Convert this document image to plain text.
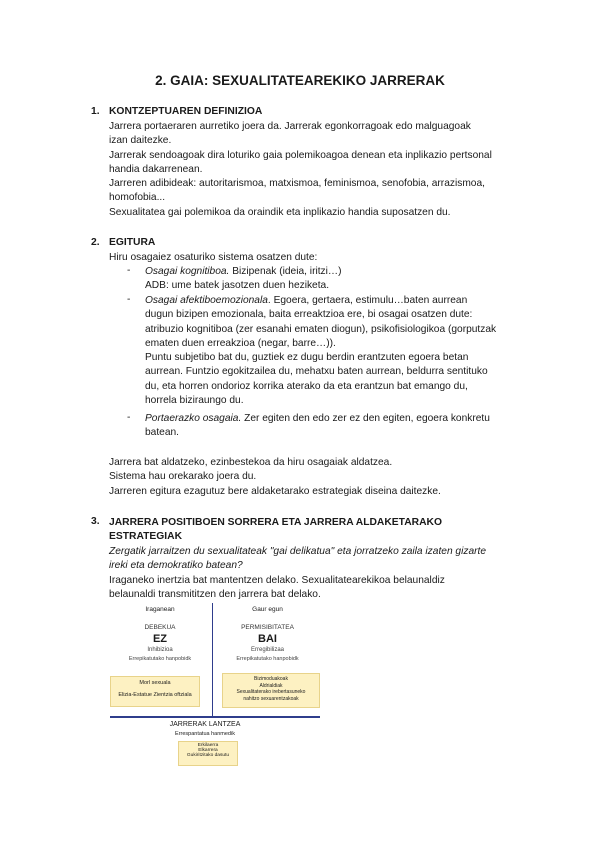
2. GAIA: SEXUALITATEAREKIKO JARRERAK
1. KONTZEPTUAREN DEFINIZIOA
Jarrera portaeraren aurretiko joera da. Jarrerak egonkorragoak edo malguagoak
izan daitezke.
Jarrerak sendoagoak dira loturiko gaia polemikoagoa denean eta inplikazio pertsonal
handia dakarrenean.
Jarreren adibideak: autoritarismoa, matxismoa, feminismoa, senofobia, arrazismoa,
homofobia...
Sexualitatea gai polemikoa da oraindik eta inplikazio handia suposatzen du.
2. EGITURA
Hiru osagaiez osaturiko sistema osatzen dute:
- Osagai kognitiboa. Bizipenak (ideia, iritzi…)
ADB: ume batek jasotzen duen heziketa.
- Osagai afektiboemozionala. Egoera, gertaera, estimulu…baten aurrean
dugun bizipen emozionala, baita erreaktzioa ere, bi osagai osatzen dute:
atribuzio kognitiboa (zer esanahi ematen diogun), psikofisiologikoa (gorputzak
ematen duen erreakzioa (negar, barre…)).
Puntu subjetibo bat du, guztiek ez dugu berdin erantzuten egoera betan
aurrean. Funtzio egokitzailea du, mehatxu baten aurrean, beldurra sentituko
du, eta horren ondorioz korrika aterako da eta erantzun bat emango du,
horrela biziraungo du.
- Portaerazko osagaia. Zer egiten den edo zer ez den egiten, egoera konkretu
batean.
Jarrera bat aldatzeko, ezinbestekoa da hiru osagaiak aldatzea.
Sistema hau orekarako joera du.
Jarreren egitura ezagutuz bere aldaketarako estrategiak diseina daitezke.
3. JARRERA POSITIBOEN SORRERA ETA JARRERA ALDAKETARAKO
ESTRATEGIAK
Zergatik jarraitzen du sexualitateak "gai delikatua" eta jorratzeko zaila izaten gizarte
ireki eta demokratiko batean?
Iraganeko inertzia bat mantentzen delako. Sexualitatearekikoa belaunaldiz
belaunaldi transmititzen den jarrera bat delako.
Iraganean	Gaur egun
DEBEKUA
EZ
Inhibizioa
Errepikatutako hanpobidk
Morl sexuala
Elizia-Estatue Zientzia oftziala
PERMISIBITATEA
BAI
Erregibilizaa
Errepikatutako hanpobidk
Bizimoduakoak
Aldrialdiak
Sexualitaterako irebertasuneko
nahitzo sexuarentzakoak
JARRERAK LANTZEA
Errespantatua hanmedik
Erkilaerra
Elkarrera
Gukiritzitako dasutu
